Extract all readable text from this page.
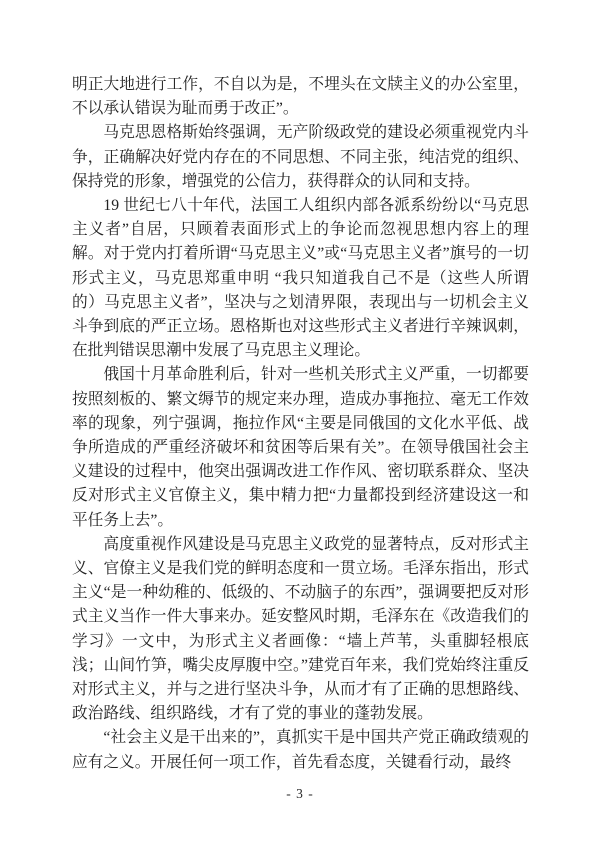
明正大地进行工作，不自以为是，不埋头在文牍主义的办公室里，不以承认错误为耻而勇于改正”。

马克思恩格斯始终强调，无产阶级政党的建设必须重视党内斗争，正确解决好党内存在的不同思想、不同主张，纯洁党的组织、保持党的形象，增强党的公信力，获得群众的认同和支持。

19 世纪七八十年代，法国工人组织内部各派系纷纷以“马克思主义者”自居，只顾着表面形式上的争论而忽视思想内容上的理解。对于党内打着所谓“马克思主义”或“马克思主义者”旗号的一切形式主义，马克思郑重申明 “我只知道我自己不是（这些人所谓的）马克思主义者”，坚决与之划清界限，表现出与一切机会主义斗争到底的严正立场。恩格斯也对这些形式主义者进行辛辣讽刺，在批判错误思潮中发展了马克思主义理论。

俄国十月革命胜利后，针对一些机关形式主义严重，一切都要按照刻板的、繁文缛节的规定来办理，造成办事拖拉、毫无工作效率的现象，列宁强调，拖拉作风“主要是同俄国的文化水平低、战争所造成的严重经济破坏和贫困等后果有关”。在领导俄国社会主义建设的过程中，他突出强调改进工作作风、密切联系群众、坚决反对形式主义官僚主义，集中精力把“力量都投到经济建设这一和平任务上去”。

高度重视作风建设是马克思主义政党的显著特点，反对形式主义、官僚主义是我们党的鲜明态度和一贯立场。毛泽东指出，形式主义“是一种幼稚的、低级的、不动脑子的东西”，强调要把反对形式主义当作一件大事来办。延安整风时期，毛泽东在《改造我们的学习》一文中，为形式主义者画像：“墙上芦苇，头重脚轻根底浅；山间竹笋，嘴尖皮厚腹中空。”建党百年来，我们党始终注重反对形式主义，并与之进行坚决斗争，从而才有了正确的思想路线、政治路线、组织路线，才有了党的事业的蓬勃发展。

“社会主义是干出来的”，真抓实干是中国共产党正确政绩观的应有之义。开展任何一项工作，首先看态度，关键看行动，最终

- 3 -
